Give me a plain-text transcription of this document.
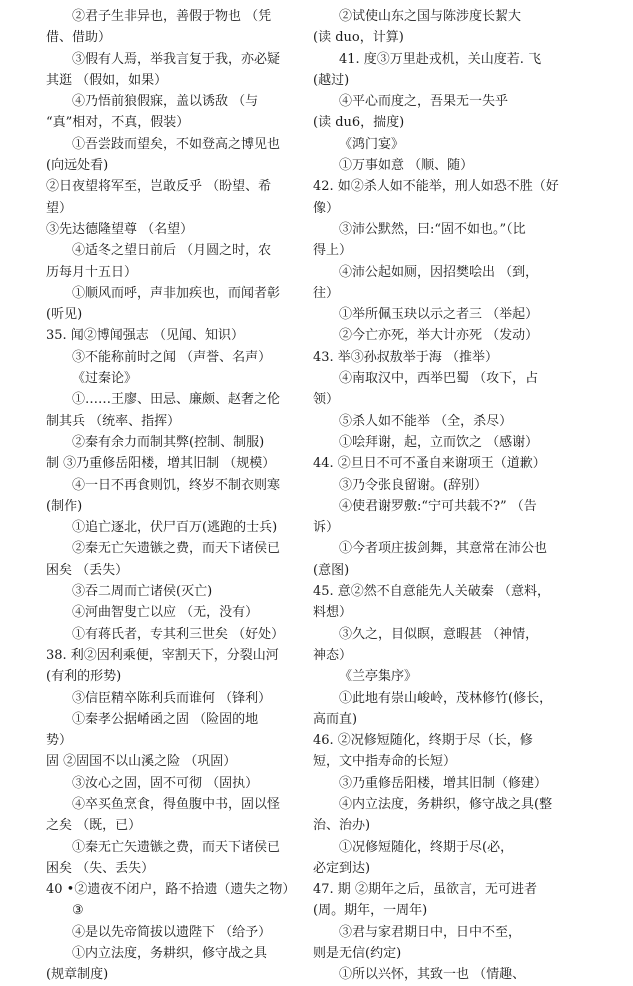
②君子生非异也，善假于物也 （凭
借、借助）
③假有人焉，举我言复于我，亦必疑
其逛 （假如，如果）
④乃悟前狼假寐，盖以诱敌 （与
“真”相对，不真，假装）
①吾尝跂而望矣，不如登高之博见也
(向远处看)
②日夜望将军至，岂敢反乎 （盼望、希
望）
③先达德隆望尊 （名望）
④适冬之望日前后 （月圆之时，农
历每月十五日）
①顺风而呼，声非加疾也，而闻者彰
(听见)
35. 闻②博闻强志 （见闻、知识）
③不能称前时之闻 （声誉、名声）
《过秦论》
①……王廖、田忌、廉颇、赵奢之伦
制其兵 （统率、指挥）
②秦有余力而制其弊(控制、制服)
制 ③乃重修岳阳楼，增其旧制 （规模）
④一日不再食则饥，终岁不制衣则寒
(制作)
①追亡逐北，伏尸百万(逃跑的士兵)
②秦无亡矢遗镞之费，而天下诸侯已
困矣 （丢失）
③吞二周而亡诸侯(灭亡)
④河曲智叟亡以应 （无，没有）
①有蒋氏者，专其利三世矣 （好处）
38. 利②因利乘便，宰割天下，分裂山河
(有利的形势)
③信臣精卒陈利兵而谁何 （锋利）
①秦孝公据崤函之固 （险固的地
势）
固 ②固国不以山溪之险 （巩固）
③汝心之固，固不可彻 （固执）
④卒买鱼烹食，得鱼腹中书，固以怪
之矣 （既，已）
①秦无亡矢遗镞之费，而天下诸侯已
困矣 （失、丢失）
40 •②遗夜不闭户，路不拾遗（遗失之物）
③
④是以先帝简拔以遗陛下 （给予）
①内立法度，务耕织，修守战之具
(规章制度)
②试使山东之国与陈涉度长絜大
(读 duo，计算)
41. 度③万里赴戎机，关山度若. 飞
(越过)
④平心而度之，吾果无一失乎
(读 du6，揣度)
《鸿门宴》
①万事如意 （顺、随）
42. 如②杀人如不能举，刑人如恐不胜（好
像）
③沛公默然，曰:“固不如也。”（比
得上）
④沛公起如厕，因招樊哙出 （到，
往）
①举所佩玉玦以示之者三 （举起）
②今亡亦死，举大计亦死 （发动）
43. 举③孙叔敖举于海 （推举）
④南取汉中，西举巴蜀 （攻下，占
领）
⑤杀人如不能举 （全，杀尽）
①哙拜谢，起，立而饮之 （感谢）
44. ②旦日不可不蚤自来谢项王（道歉）
③乃令张良留谢。(辞别）
④使君谢罗敷:“宁可共载不?” （告
诉）
①今者项庄拔剑舞，其意常在沛公也
(意图)
45. 意②然不自意能先人关破秦 （意料，
料想）
③久之，目似瞑，意暇甚 （神情，
神态）
《兰亭集序》
①此地有崇山峻岭，茂林修竹(修长，
高而直)
46. ②况修短随化，终期于尽（长，修
短，文中指寿命的长短）
③乃重修岳阳楼，增其旧制（修建）
④内立法度，务耕织，修守战之具(整
治、治办)
①况修短随化，终期于尽(必，
必定到达)
47. 期 ②期年之后，虽欲言，无可进者
(周。期年，一周年)
③君与家君期日中，日中不至，
则是无信(约定)
①所以兴怀，其致一也 （情趣、
